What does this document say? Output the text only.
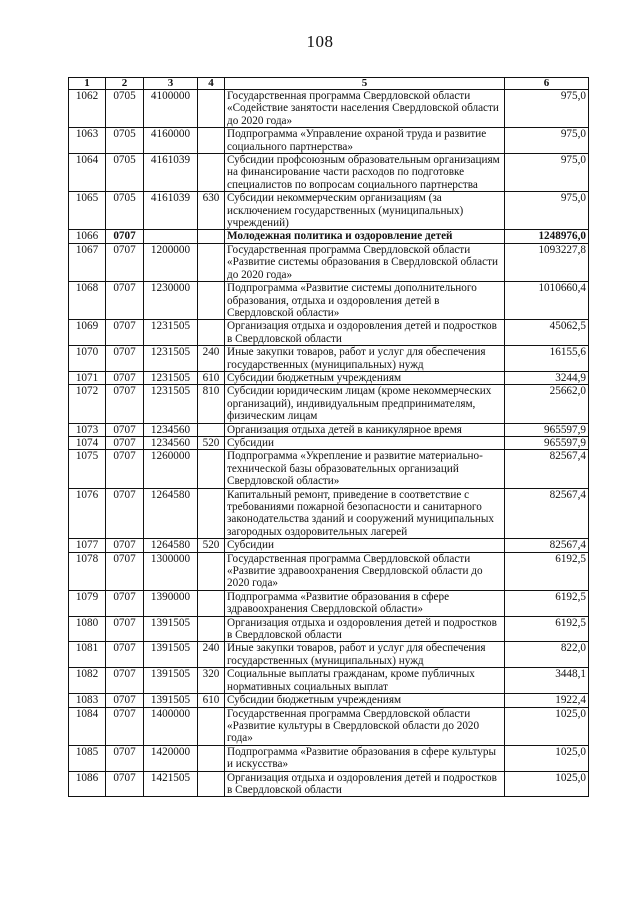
108
1	2	3	4	5	6
1062	0705	4100000		Государственная программа Свердловской области «Содействие занятости населения Свердловской области до 2020 года»	975,0
1063	0705	4160000		Подпрограмма «Управление охраной труда и развитие социального партнерства»	975,0
1064	0705	4161039		Субсидии профсоюзным образовательным организациям на финансирование части расходов по подготовке специалистов по вопросам социального партнерства	975,0
1065	0705	4161039	630	Субсидии некоммерческим организациям (за исключением государственных (муниципальных) учреждений)	975,0
1066	0707			Молодежная политика и оздоровление детей	1248976,0
1067	0707	1200000		Государственная программа Свердловской области «Развитие системы образования в Свердловской области до 2020 года»	1093227,8
1068	0707	1230000		Подпрограмма «Развитие системы дополнительного образования, отдыха и оздоровления детей в Свердловской области»	1010660,4
1069	0707	1231505		Организация отдыха и оздоровления детей и подростков в Свердловской области	45062,5
1070	0707	1231505	240	Иные закупки товаров, работ и услуг для обеспечения государственных (муниципальных) нужд	16155,6
1071	0707	1231505	610	Субсидии бюджетным учреждениям	3244,9
1072	0707	1231505	810	Субсидии юридическим лицам (кроме некоммерческих организаций), индивидуальным предпринимателям, физическим лицам	25662,0
1073	0707	1234560		Организация отдыха детей в каникулярное время	965597,9
1074	0707	1234560	520	Субсидии	965597,9
1075	0707	1260000		Подпрограмма «Укрепление и развитие материально-технической базы образовательных организаций Свердловской области»	82567,4
1076	0707	1264580		Капитальный ремонт, приведение в соответствие с требованиями пожарной безопасности и санитарного законодательства зданий и сооружений муниципальных загородных оздоровительных лагерей	82567,4
1077	0707	1264580	520	Субсидии	82567,4
1078	0707	1300000		Государственная программа Свердловской области «Развитие здравоохранения Свердловской области до 2020 года»	6192,5
1079	0707	1390000		Подпрограмма «Развитие образования в сфере здравоохранения Свердловской области»	6192,5
1080	0707	1391505		Организация отдыха и оздоровления детей и подростков в Свердловской области	6192,5
1081	0707	1391505	240	Иные закупки товаров, работ и услуг для обеспечения государственных (муниципальных) нужд	822,0
1082	0707	1391505	320	Социальные выплаты гражданам, кроме публичных нормативных социальных выплат	3448,1
1083	0707	1391505	610	Субсидии бюджетным учреждениям	1922,4
1084	0707	1400000		Государственная программа Свердловской области «Развитие культуры в Свердловской области до 2020 года»	1025,0
1085	0707	1420000		Подпрограмма «Развитие образования в сфере культуры и искусства»	1025,0
1086	0707	1421505		Организация отдыха и оздоровления детей и подростков в Свердловской области	1025,0
